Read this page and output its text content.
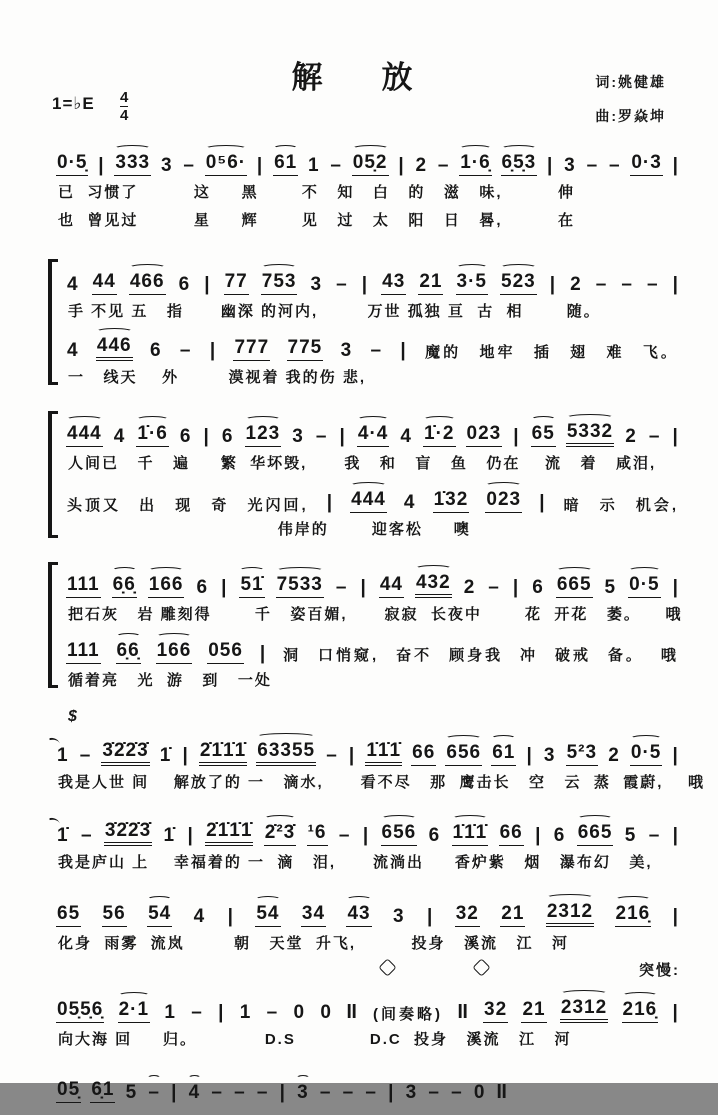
解　放	词:姚健雄
曲:罗焱坤
1=♭E 4
4
0·5̣ | 333 3 – 0⁵6· | 61 1 – 05̣2 | 2 – 1·6̣ 6̣5̣3 | 3 – – 0·3 |
已  习惯了         这     黑       不   知   白   的   滋   味,         伸
也  曾见过         星     辉       见   过   太   阳   日   晷,         在
4 44 466 6 | 77 753 3 – | 43 21 3·5 523 | 2 – – – |
手 不见 五   指      幽深 的河内,        万世 孤独 亘  古  相       随。
4 446 6 – | 777 775 3 – | 魔的 地牢 插 翅 难 飞。
一   线天    外        漠视着 我的伤 悲,
444 4 1̇·6 6 | 6 123 3 – | 4·4 4 1̇·2 023 | 65 5332 2 – |
人间已   千   遍     繁  华坏毁,      我   和   盲   鱼   仍在    流   着   咸泪,
头顶又 出 现 奇 光闪回, | 444 4 1̇32 023 | 暗 示 机会,
伟岸的       迎客松     噢
111 6̣6̣ 166 6 | 51̇ 7533 – | 44 432 2 – | 6 665 5 0·5 |
把石灰   岩 雕刻得       千   姿百媚,      寂寂  长夜中       花  开花   萎。    哦
111 6̣6̣ 166 056 | 洞 口悄窥, 奋不 顾身我 冲 破戒 备。 哦
循着亮   光  游   到   一处
$
1 – 3̇2̇2̇3̇ 1̇ | 2̇1̇1̇1̇ 63355 – | 1̇1̇1̇ 66 656 61 | 3 5²3 2 0·5 |
我是人世 间    解放了的 一   滴水,      看不尽   那  鹰击长   空   云  蒸  霞蔚,    哦
1̇ – 3̇2̇2̇3̇ 1̇ | 2̇1̇1̇1̇ 2̇²3̇ ¹6 – | 656 6 1̇1̇1̇ 66 | 6 665 5 – |
我是庐山 上    幸福着的 一  滴   泪,      流淌出     香炉紫   烟   瀑布幻   美,
65 56 54 4 | 54 34 43 3 | 32 21 2312 216̣ |
化身  雨雾  流岚        朝   天堂  升飞,         投身   溪流   江   河
突慢:
05̣5̣6̣ 2·1 1 – | 1 – 0 0 ‖ (间奏略) ‖ 32 21 2312 216̣ |
向大海 回     归。           D.S            D.C  投身   溪流   江   河
05̣ 6̣1 5 – | 4 – – – | 3 – – – | 3 – – 0 ‖
